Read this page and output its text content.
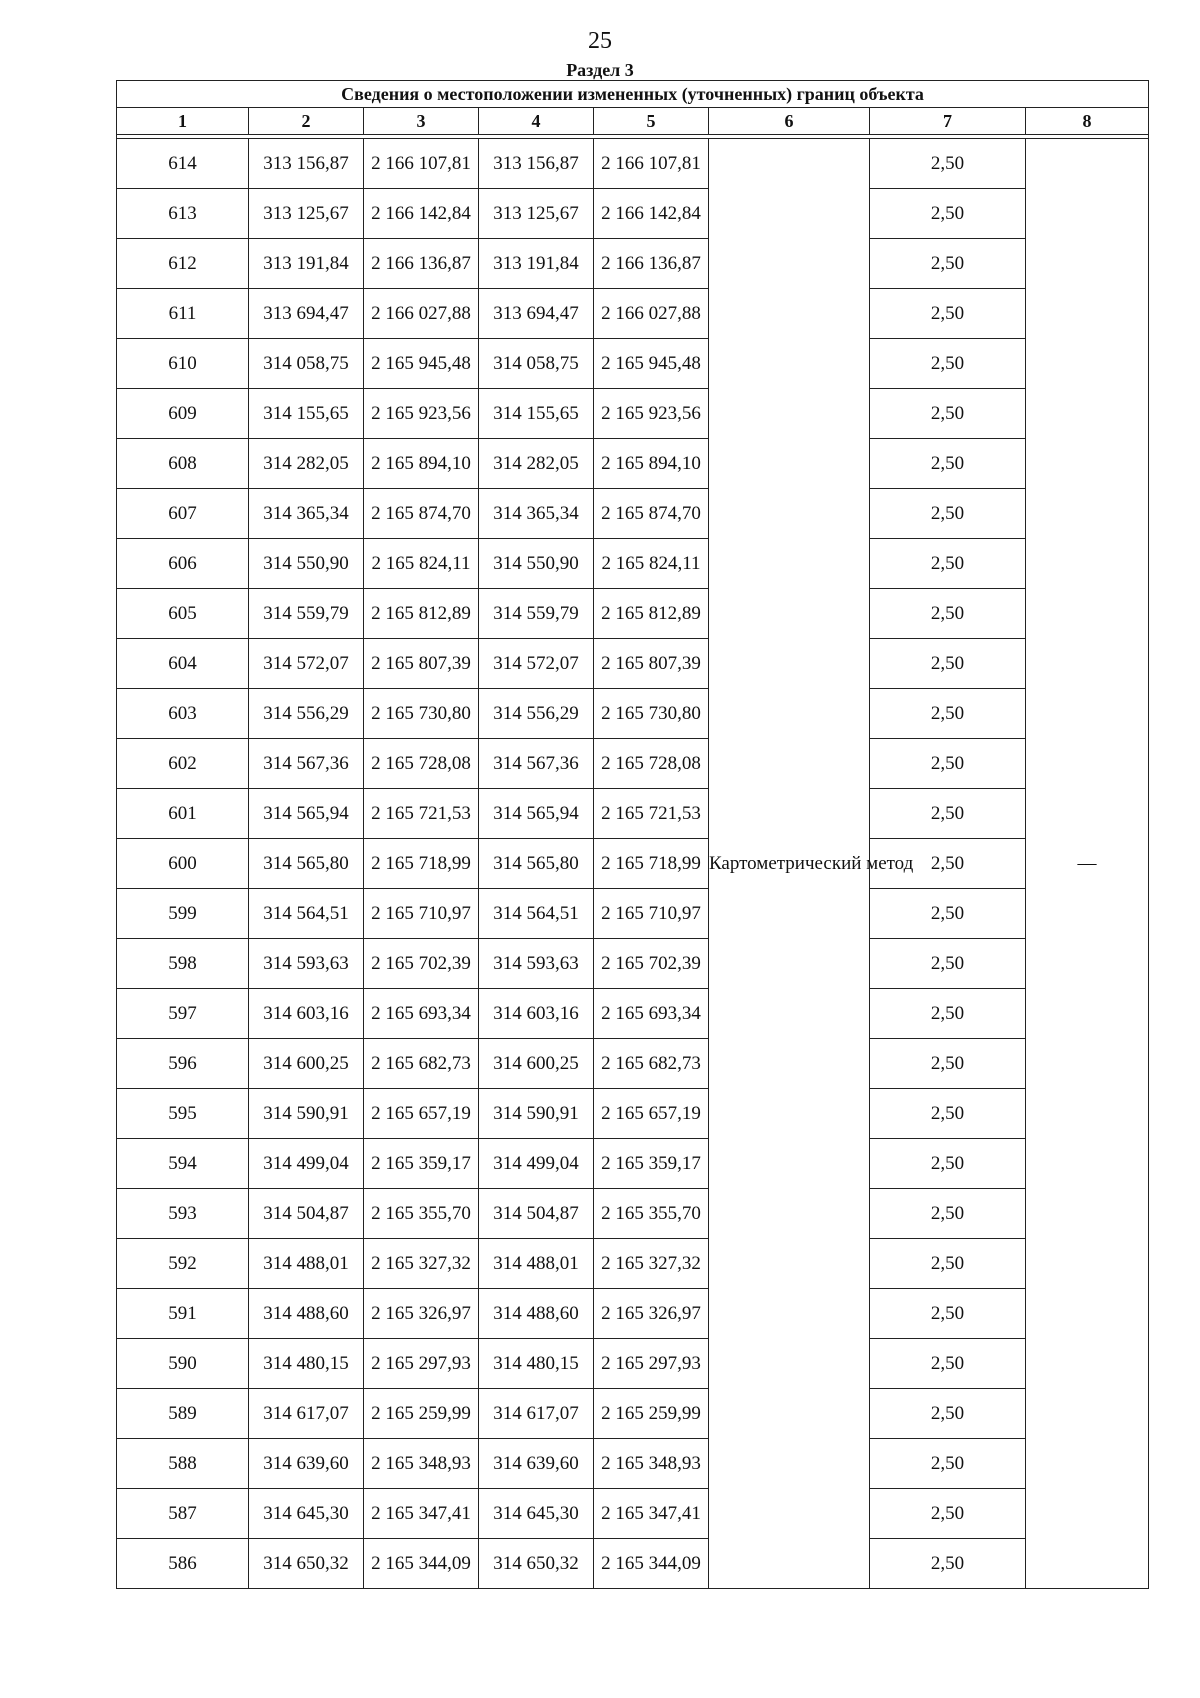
25
Раздел 3
Сведения о местоположении измененных (уточненных) границ объекта							
1	2	3	4	5	6	7	8

614	313 156,87	2 166 107,81	313 156,87	2 166 107,81	Картометрический метод	2,50	—
613	313 125,67	2 166 142,84	313 125,67	2 166 142,84		2,50	
612	313 191,84	2 166 136,87	313 191,84	2 166 136,87		2,50	
611	313 694,47	2 166 027,88	313 694,47	2 166 027,88		2,50	
610	314 058,75	2 165 945,48	314 058,75	2 165 945,48		2,50	
609	314 155,65	2 165 923,56	314 155,65	2 165 923,56		2,50	
608	314 282,05	2 165 894,10	314 282,05	2 165 894,10		2,50	
607	314 365,34	2 165 874,70	314 365,34	2 165 874,70		2,50	
606	314 550,90	2 165 824,11	314 550,90	2 165 824,11		2,50	
605	314 559,79	2 165 812,89	314 559,79	2 165 812,89		2,50	
604	314 572,07	2 165 807,39	314 572,07	2 165 807,39		2,50	
603	314 556,29	2 165 730,80	314 556,29	2 165 730,80		2,50	
602	314 567,36	2 165 728,08	314 567,36	2 165 728,08		2,50	
601	314 565,94	2 165 721,53	314 565,94	2 165 721,53		2,50	
600	314 565,80	2 165 718,99	314 565,80	2 165 718,99		2,50	
599	314 564,51	2 165 710,97	314 564,51	2 165 710,97		2,50	
598	314 593,63	2 165 702,39	314 593,63	2 165 702,39		2,50	
597	314 603,16	2 165 693,34	314 603,16	2 165 693,34		2,50	
596	314 600,25	2 165 682,73	314 600,25	2 165 682,73		2,50	
595	314 590,91	2 165 657,19	314 590,91	2 165 657,19		2,50	
594	314 499,04	2 165 359,17	314 499,04	2 165 359,17		2,50	
593	314 504,87	2 165 355,70	314 504,87	2 165 355,70		2,50	
592	314 488,01	2 165 327,32	314 488,01	2 165 327,32		2,50	
591	314 488,60	2 165 326,97	314 488,60	2 165 326,97		2,50	
590	314 480,15	2 165 297,93	314 480,15	2 165 297,93		2,50	
589	314 617,07	2 165 259,99	314 617,07	2 165 259,99		2,50	
588	314 639,60	2 165 348,93	314 639,60	2 165 348,93		2,50	
587	314 645,30	2 165 347,41	314 645,30	2 165 347,41		2,50	
586	314 650,32	2 165 344,09	314 650,32	2 165 344,09		2,50	
